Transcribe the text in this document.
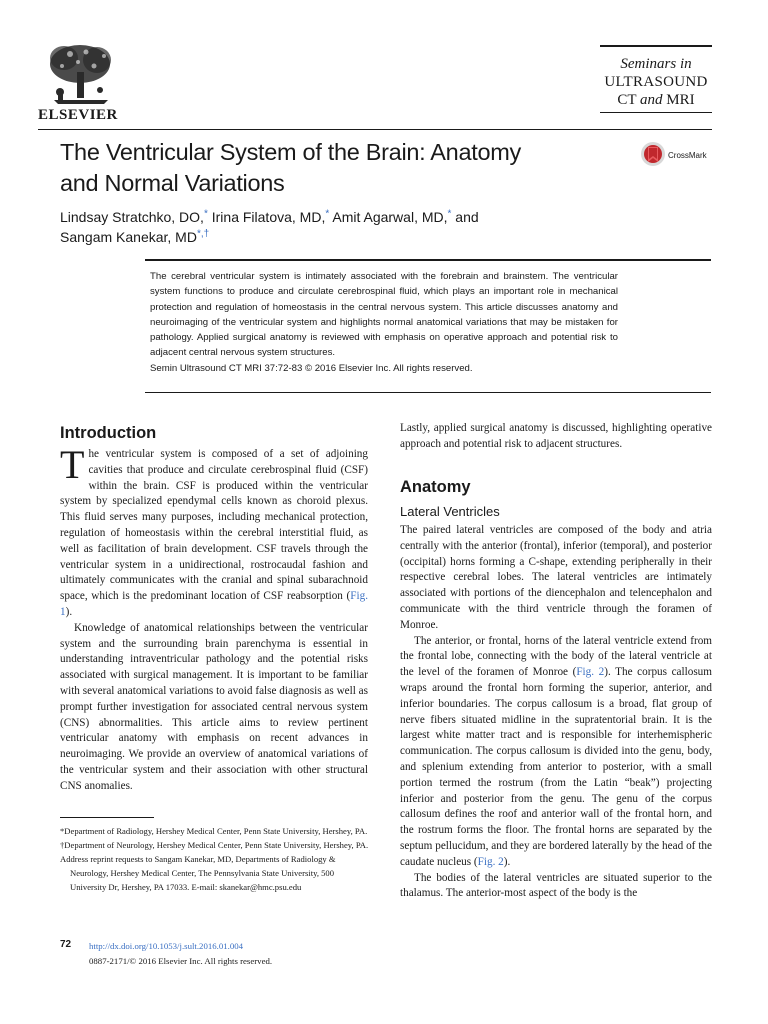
ELSEVIER
Seminars in
ULTRASOUND
CT and MRI
The Ventricular System of the Brain: Anatomy
and Normal Variations
CrossMark
Lindsay Stratchko, DO,* Irina Filatova, MD,* Amit Agarwal, MD,* and
Sangam Kanekar, MD*,†

The cerebral ventricular system is intimately associated with the forebrain and brainstem. The ventricular system functions to produce and circulate cerebrospinal fluid, which plays an important role in mechanical protection and regulation of homeostasis in the central nervous system. This article discusses anatomy and neuroimaging of the ventricular system and highlights normal anatomical variations that may be mistaken for pathology. Applied surgical anatomy is reviewed with emphasis on operative approach and potential risk to adjacent central nervous system structures.

Semin Ultrasound CT MRI 37:72-83 © 2016 Elsevier Inc. All rights reserved.

Introduction

The ventricular system is composed of a set of adjoining cavities that produce and circulate cerebrospinal fluid (CSF) within the brain. CSF is produced within the ventricular system by specialized ependymal cells known as choroid plexus. This fluid serves many purposes, including mechanical protection, regulation of homeostasis within the cerebral interstitial fluid, as well as facilitation of brain development. CSF travels through the ventricular system in a unidirectional, rostrocaudal fashion and ultimately communicates with the cranial and spinal subarachnoid space, which is the predominant location of CSF reabsorption (Fig. 1).

Knowledge of anatomical relationships between the ventricular system and the surrounding brain parenchyma is essential in understanding intraventricular pathology and the potential risks associated with surgical management. It is important to be familiar with several anatomical variations to avoid false diagnosis as well as prompt further investigation for associated central nervous system (CNS) abnormalities. This article aims to review pertinent ventricular anatomy with emphasis on recent advances in neuroimaging. We provide an overview of anatomical variations of the ventricular system and their association with other structural CNS anomalies.

*Department of Radiology, Hershey Medical Center, Penn State University, Hershey, PA.
†Department of Neurology, Hershey Medical Center, Penn State University, Hershey, PA.
Address reprint requests to Sangam Kanekar, MD, Departments of Radiology & Neurology, Hershey Medical Center, The Pennsylvania State University, 500 University Dr, Hershey, PA 17033. E-mail: skanekar@hmc.psu.edu

Lastly, applied surgical anatomy is discussed, highlighting operative approach and potential risk to adjacent structures.

Anatomy
Lateral Ventricles

The paired lateral ventricles are composed of the body and atria centrally with the anterior (frontal), inferior (temporal), and posterior (occipital) horns forming a C-shape, extending peripherally in their respective cerebral lobes. The lateral ventricles are intimately associated with portions of the diencephalon and telencephalon and communicate with the third ventricle through the foramen of Monroe.

The anterior, or frontal, horns of the lateral ventricle extend from the frontal lobe, connecting with the body of the lateral ventricle at the level of the foramen of Monroe (Fig. 2). The corpus callosum wraps around the frontal horn forming the superior, anterior, and inferior boundaries. The corpus callosum is a broad, flat group of nerve fibers situated midline in the supratentorial brain. It is the largest white matter tract and is responsible for interhemispheric communication. The corpus callosum is divided into the genu, body, and splenium extending from anterior to posterior, with a small portion termed the rostrum (from the Latin “beak”) projecting inferior and posterior from the genu. The genu of the corpus callosum defines the roof and anterior wall of the frontal horn, and the rostrum forms the floor. The frontal horns are separated by the septum pellucidum, and they are bordered laterally by the head of the caudate nucleus (Fig. 2).

The bodies of the lateral ventricles are situated superior to the thalamus. The anterior-most aspect of the body is the

72 http://dx.doi.org/10.1053/j.sult.2016.01.004
0887-2171/© 2016 Elsevier Inc. All rights reserved.
